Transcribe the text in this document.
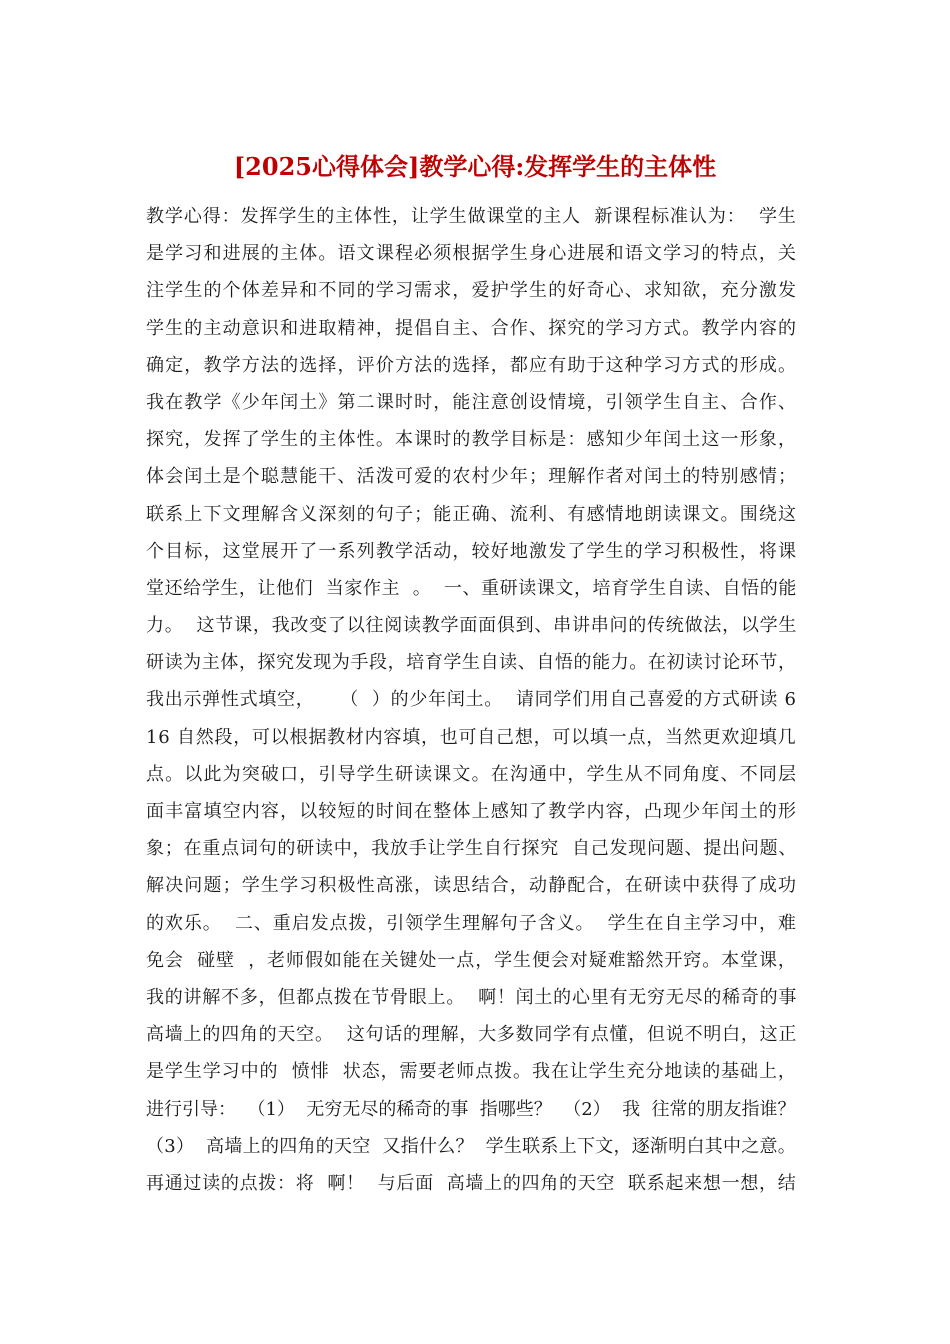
[2025心得体会]教学心得:发挥学生的主体性
教学心得：发挥学生的主体性，让学生做课堂的主人  新课程标准认为：  学生
是学习和进展的主体。语文课程必须根据学生身心进展和语文学习的特点，关
注学生的个体差异和不同的学习需求，爱护学生的好奇心、求知欲，充分激发
学生的主动意识和进取精神，提倡自主、合作、探究的学习方式。教学内容的
确定，教学方法的选择，评价方法的选择，都应有助于这种学习方式的形成。
我在教学《少年闰土》第二课时时，能注意创设情境，引领学生自主、合作、
探究，发挥了学生的主体性。本课时的教学目标是：感知少年闰土这一形象，
体会闰土是个聪慧能干、活泼可爱的农村少年；理解作者对闰土的特别感情；
联系上下文理解含义深刻的句子；能正确、流利、有感情地朗读课文。围绕这
个目标，这堂展开了一系列教学活动，较好地激发了学生的学习积极性，将课
堂还给学生，让他们  当家作主  。  一、重研读课文，培育学生自读、自悟的能
力。  这节课，我改变了以往阅读教学面面俱到、串讲串问的传统做法，以学生
研读为主体，探究发现为手段，培育学生自读、自悟的能力。在初读讨论环节，
我出示弹性式填空，    （  ）的少年闰土。  请同学们用自己喜爱的方式研读 6
16 自然段，可以根据教材内容填，也可自己想，可以填一点，当然更欢迎填几
点。以此为突破口，引导学生研读课文。在沟通中，学生从不同角度、不同层
面丰富填空内容，以较短的时间在整体上感知了教学内容，凸现少年闰土的形
象；在重点词句的研读中，我放手让学生自行探究  自己发现问题、提出问题、
解决问题；学生学习积极性高涨，读思结合，动静配合，在研读中获得了成功
的欢乐。  二、重启发点拨，引领学生理解句子含义。  学生在自主学习中，难
免会  碰壁  ，老师假如能在关键处一点，学生便会对疑难豁然开窍。本堂课，
我的讲解不多，但都点拨在节骨眼上。  啊！闰土的心里有无穷无尽的稀奇的事
高墙上的四角的天空。  这句话的理解，大多数同学有点懂，但说不明白，这正
是学生学习中的  愤悱  状态，需要老师点拨。我在让学生充分地读的基础上，
进行引导：  （1）  无穷无尽的稀奇的事  指哪些？  （2）  我  往常的朋友指谁？
（3）  高墙上的四角的天空  又指什么？  学生联系上下文，逐渐明白其中之意。
再通过读的点拨：将  啊！  与后面  高墙上的四角的天空  联系起来想一想，结
